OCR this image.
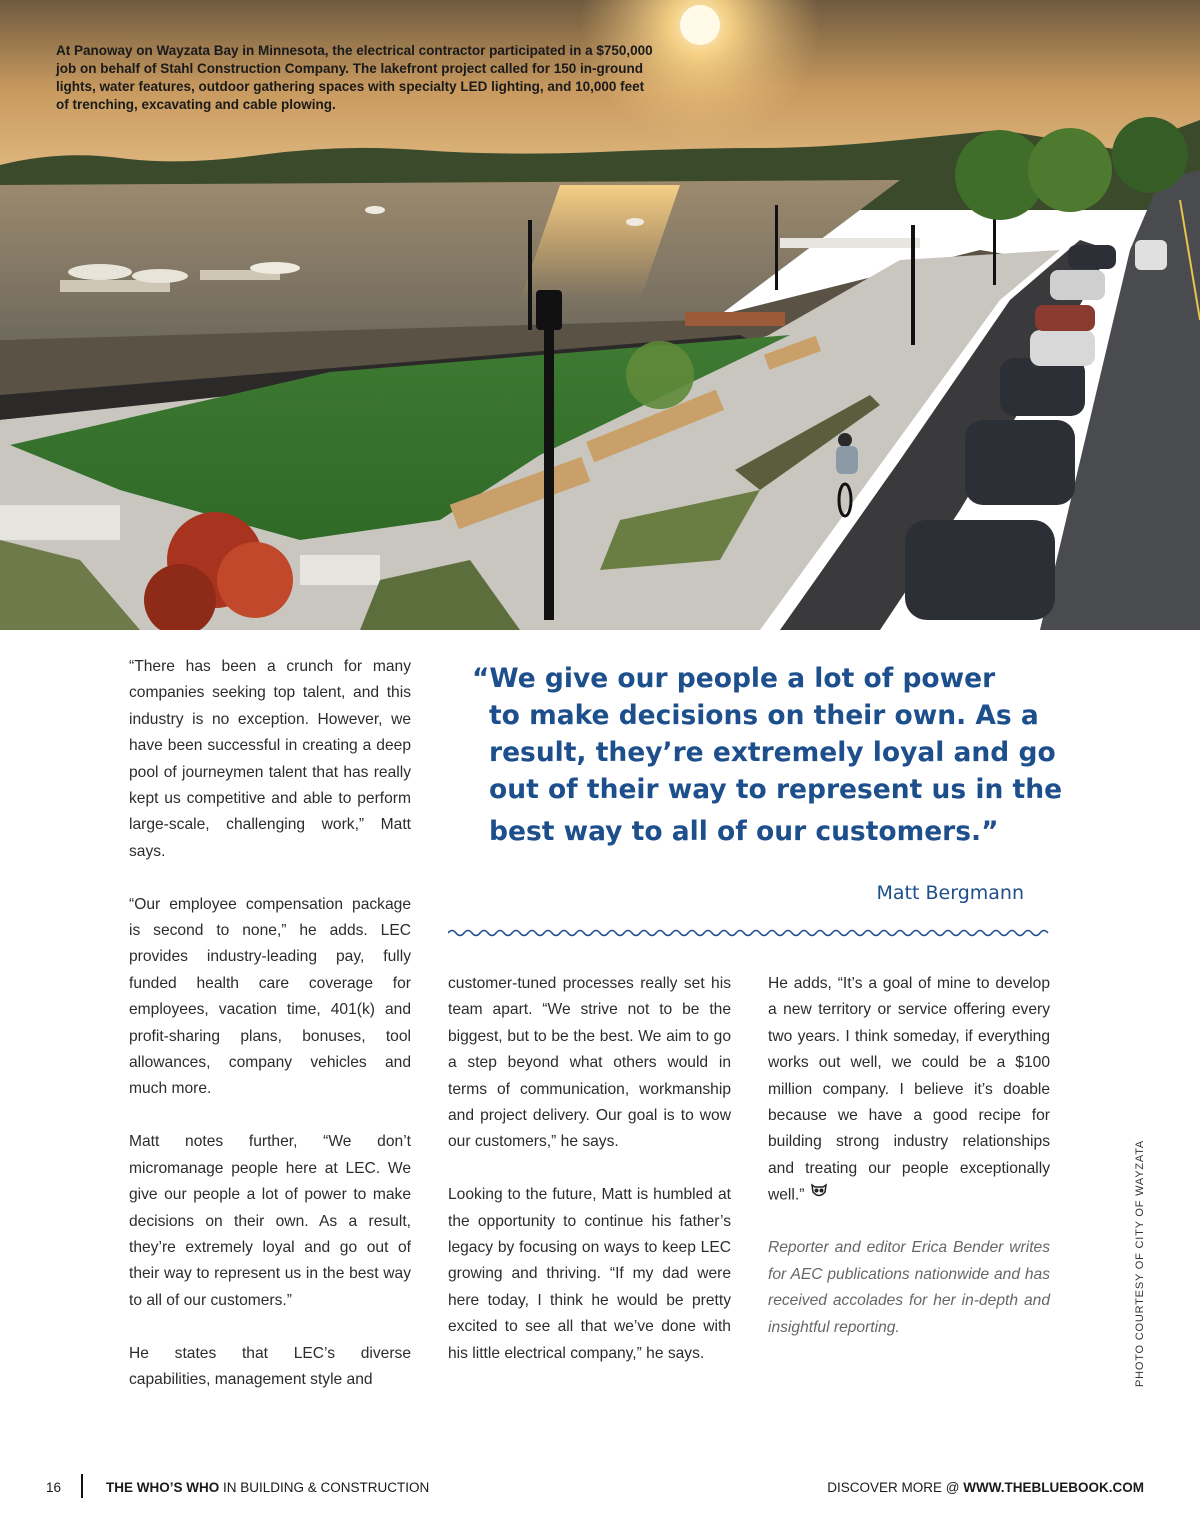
At Panoway on Wayzata Bay in Minnesota, the electrical contractor participated in a $750,000 job on behalf of Stahl Construction Company. The lakefront project called for 150 in-ground lights, water features, outdoor gathering spaces with specialty LED lighting, and 10,000 feet of trenching, excavating and cable plowing.

“There has been a crunch for many companies seeking top talent, and this industry is no exception. However, we have been successful in creating a deep pool of journeymen talent that has really kept us competitive and able to perform large-scale, challenging work,” Matt says.

“Our employee compensation package is second to none,” he adds. LEC provides industry-leading pay, fully funded health care coverage for employees, vacation time, 401(k) and profit-sharing plans, bonuses, tool allowances, company vehicles and much more.

Matt notes further, “We don’t micromanage people here at LEC. We give our people a lot of power to make decisions on their own. As a result, they’re extremely loyal and go out of their way to represent us in the best way to all of our customers.”

He states that LEC’s diverse capabilities, management style and

“We give our people a lot of power
to make decisions on their own. As a
result, they’re extremely loyal and go
out of their way to represent us in the
best way to all of our customers.”
Matt Bergmann

customer-tuned processes really set his team apart. “We strive not to be the biggest, but to be the best. We aim to go a step beyond what others would in terms of communication, workmanship and project delivery. Our goal is to wow our customers,” he says.

Looking to the future, Matt is humbled at the opportunity to continue his father’s legacy by focusing on ways to keep LEC growing and thriving. “If my dad were here today, I think he would be pretty excited to see all that we’ve done with his little electrical company,” he says.

He adds, “It’s a goal of mine to develop a new territory or service offering every two years. I think someday, if everything works out well, we could be a $100 million company. I believe it’s doable because we have a good recipe for building strong industry relationships and treating our people exceptionally well.”

Reporter and editor Erica Bender writes for AEC publications nationwide and has received accolades for her in-depth and insightful reporting.	PHOTO COURTESY OF CITY OF WAYZATA
16	THE WHO’S WHO IN BUILDING & CONSTRUCTION	DISCOVER MORE @ WWW.THEBLUEBOOK.COM
